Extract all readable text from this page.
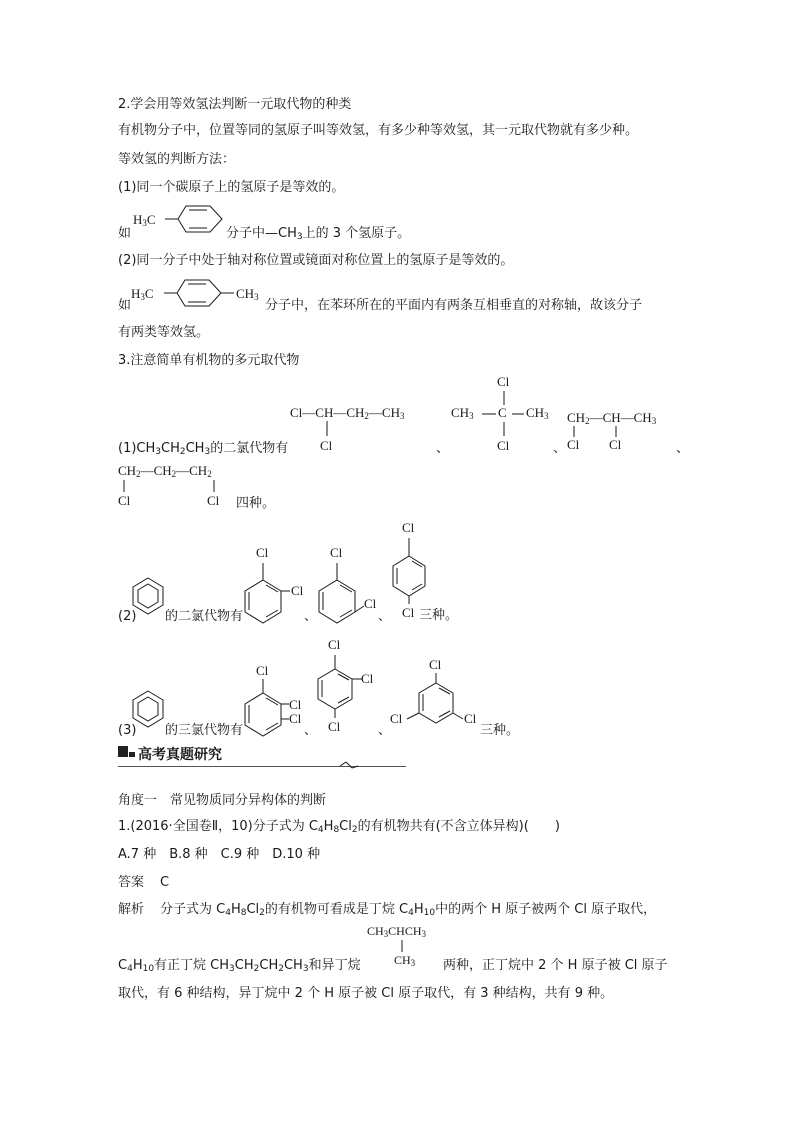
2.学会用等效氢法判断一元取代物的种类
有机物分子中，位置等同的氢原子叫等效氢，有多少种等效氢，其一元取代物就有多少种。
等效氢的判断方法：
(1)同一个碳原子上的氢原子是等效的。
如
$H_3C$
分子中$—CH_3$上的 3 个氢原子。
(2)同一分子中处于轴对称位置或镜面对称位置上的氢原子是等效的。
如
$H_3C$	$CH_3$
分子中，在苯环所在的平面内有两条互相垂直的对称轴，故该分子
有两类等效氢。
3.注意简单有机物的多元取代物
$(1)CH_3CH_2CH_3$的二氯代物有
$Cl—CH—CH_2—CH_3$
Cl	、
Cl
$CH_3$ C $CH_3$
Cl	、
$CH_2—CH—CH_3$
Cl Cl	、
$CH_2—CH_2—CH_2$
Cl	Cl 四种。
(2) 的二氯代物有
Cl
Cl
、
Cl
Cl
、
Cl
Cl 三种。
(3) 的三氯代物有
Cl
Cl
Cl
、
Cl
Cl
Cl	、
Cl
Cl	Cl
三种。
高考真题研究
角度一　常见物质同分异构体的判断
1.(2016·全国卷Ⅱ，10)分子式为 $C_4H_8Cl_2$的有机物共有(不含立体异构)(　　)
A.7 种　B.8 种　C.9 种　D.10 种
答案 C
解析 分子式为 $C_4H_8Cl_2$的有机物可看成是丁烷 $C_4H_{10}$中的两个 H 原子被两个 Cl 原子取代，
$CH_3CHCH_3$
$CH_3$
$C_4H_{10}$有正丁烷 $CH_3CH_2CH_2CH_3$和异丁烷	两种，正丁烷中 2 个 H 原子被 Cl 原子
取代，有 6 种结构，异丁烷中 2 个 H 原子被 Cl 原子取代，有 3 种结构，共有 9 种。
